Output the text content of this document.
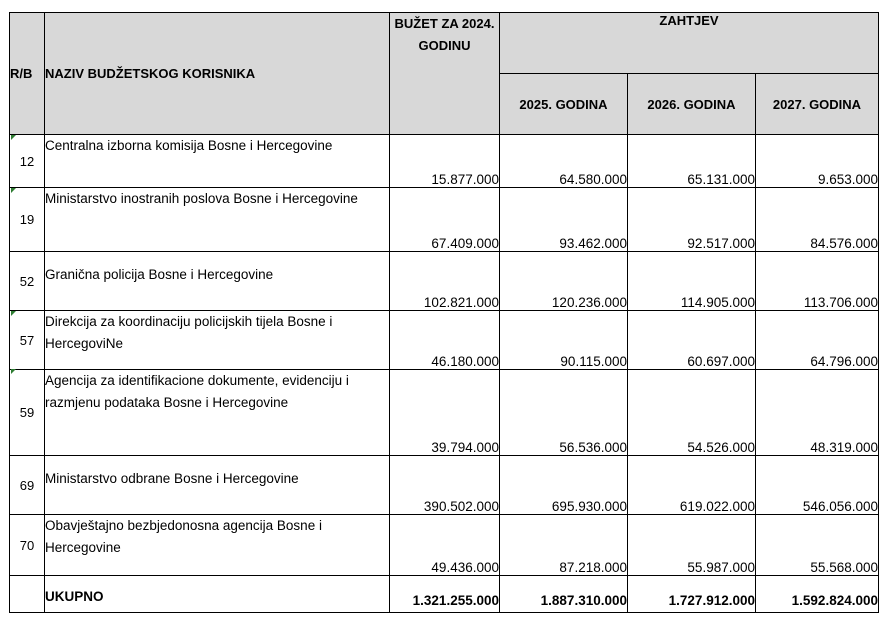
R/B	NAZIV BUDŽETSKOG KORISNIKA	BUŽET ZA 2024. GODINU	ZAHTJEV		
			2025. GODINA	2026. GODINA	2027. GODINA
12	Centralna izborna komisija Bosne i Hercegovine	15.877.000	64.580.000	65.131.000	9.653.000
19	Ministarstvo inostranih poslova Bosne i Hercegovine	67.409.000	93.462.000	92.517.000	84.576.000
52	Granična policija Bosne i Hercegovine	102.821.000	120.236.000	114.905.000	113.706.000
57	Direkcija za koordinaciju policijskih tijela Bosne i HercegoviNe	46.180.000	90.115.000	60.697.000	64.796.000
59	Agencija za identifikacione dokumente, evidenciju i razmjenu podataka Bosne i Hercegovine	39.794.000	56.536.000	54.526.000	48.319.000
69	Ministarstvo odbrane Bosne i Hercegovine	390.502.000	695.930.000	619.022.000	546.056.000
70	Obavještajno bezbjedonosna agencija Bosne i Hercegovine	49.436.000	87.218.000	55.987.000	55.568.000
	UKUPNO	1.321.255.000	1.887.310.000	1.727.912.000	1.592.824.000
